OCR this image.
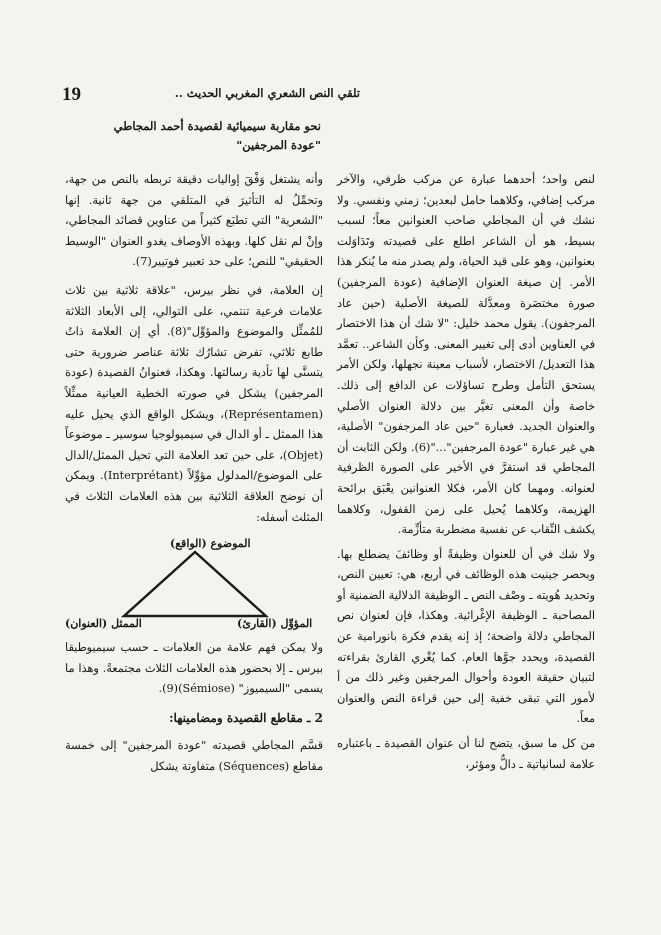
19	تلقي النص الشعري المغربي الحديث ..
نحو مقاربة سيميائية لقصيدة أحمد المجاطي
"عودة المرجفين"

لنص واحد؛ أحدهما عبارة عن مركب ظرفي، والآخر مركب إضافي، وكلاهما حامل لبعدين؛ زمني ونفسي. ولا نشك في أن المجاطي صاحب العنوانين معاً؛ لسبب بسيط، هو أن الشاعر اطلع على قصيدته وتَدَاوَلت بعنوانين، وهو على قيد الحياة، ولم يصدر منه ما يُنكر هذا الأمر. إن صيغة العنوان الإضافية (عودة المرجفين) صورة مختصَرة ومعدَّلة للصيغة الأصلية (حين عاد المرجفون). يقول محمد خليل: "لا شك أن هذا الاختصار في العناوين أدى إلى تغيير المعنى. وكأن الشاعر.. تعمَّد هذا التعديل/ الاختصار، لأسباب معينة نجهلها، ولكن الأمر يستحق التأمل وطرح تساؤلات عن الدافع إلى ذلك. خاصة وأن المعنى تغيَّر بين دلالة العنوان الأصلي والعنوان الجديد. فعبارة "حين عاد المرجفون" الأصلية، هي غير عبارة "عودة المرجفين"..."(6). ولكن الثابت أن المجاطي قد استقرَّ في الأخير على الصورة الظرفية لعنوانه. ومهما كان الأمر، فكلا العنوانين يعْبَق برائحة الهزيمة، وكلاهما يُحيل على زمن القفول، وكلاهما يكشف النِّقاب عن نفسية مضطربة متأزِّمة.

ولا شك في أن للعنوان وظيفةً أو وظائفَ يضطلع بها. وبحصر جينيت هذه الوظائف في أربع، هي: تعيين النص، وتحديد هُويته ـ وصْف النص ـ الوظيفة الدلالية الضمنية أو المصاحبة ـ الوظيفة الإغْرائية. وهكذا، فإن لعنوان نص المجاطي دلالة واضحة؛ إذ إنه يقدم فكرة بانورامية عن القصيدة، ويحدد جوَّها العام. كما يُغْري القارئ بقراءته لتبيان حقيقة العودة وأحوال المرجفين وغير ذلك من أ لأمور التي تبقى خفية إلى حين قراءة النص والعنوان معاً.

من كل ما سبق، يتضح لنا أن عنوان القصيدة ـ باعتباره علامة لسانياتية ـ دالٌّ ومؤثر،

وأنه يشتغل وَفْقَ إواليات دقيقة تربطه بالنص من جهة، وتحمِّلُ له التأثيرَ في المتلقي من جهة ثانية. إنها "الشعرية" التي تطبَع كثيراً من عناوين قصائد المجاطي، وإنْ لم نقل كلها. وبهذه الأوصاف يغدو العنوان "الوسيط الحقيقي" للنص؛ على حد تعبير فوتيير(7).

إن العلامة، في نظر بيرس، "علاقة ثلاثية بين ثلاث علامات فرعية تنتمي، على التوالي، إلى الأبعاد الثلاثة للمُمثِّل والموضوع والمؤوِّل"(8). أي إن العلامة ذاتُ طابع ثلاثي، تفرض تشارُك ثلاثة عناصر ضرورية حتى يتسنَّى لها تأدية رسالتها. وهكذا، فعنوانُ القصيدة (عودة المرجفين) يشكل في صورته الخطية العيانية ممثِّلاً (Représentamen)، ويشكل الواقع الذي يحيل عليه هذا الممثل ـ أو الدال في سيميولوجيا سوسير ـ موضوعاً (Objet)، على حين تعد العلامة التي تحيل الممثل/الدال على الموضوع/المدلول مؤوِّلاً (Interprétant). ويمكن أن نوضح العلاقة الثلاثية بين هذه العلامات الثلاث في المثلث أسفله:

الموضوع (الواقع)
الممثل (العنوان)	المؤوِّل (القارئ)

ولا يمكن فهم علامة من العلامات ـ حسب سيميوطيقا بيرس ـ إلا بحضور هذه العلامات الثلاث مجتمعةً. وهذا ما يسمى "السيميوز" (Sémiose)(9).

2 ـ مقاطع القصيدة ومضامينها:

قسَّم المجاطي قصيدته "عودة المرجفين" إلى خمسة مقاطع (Séquences) متفاوتة يشكل
